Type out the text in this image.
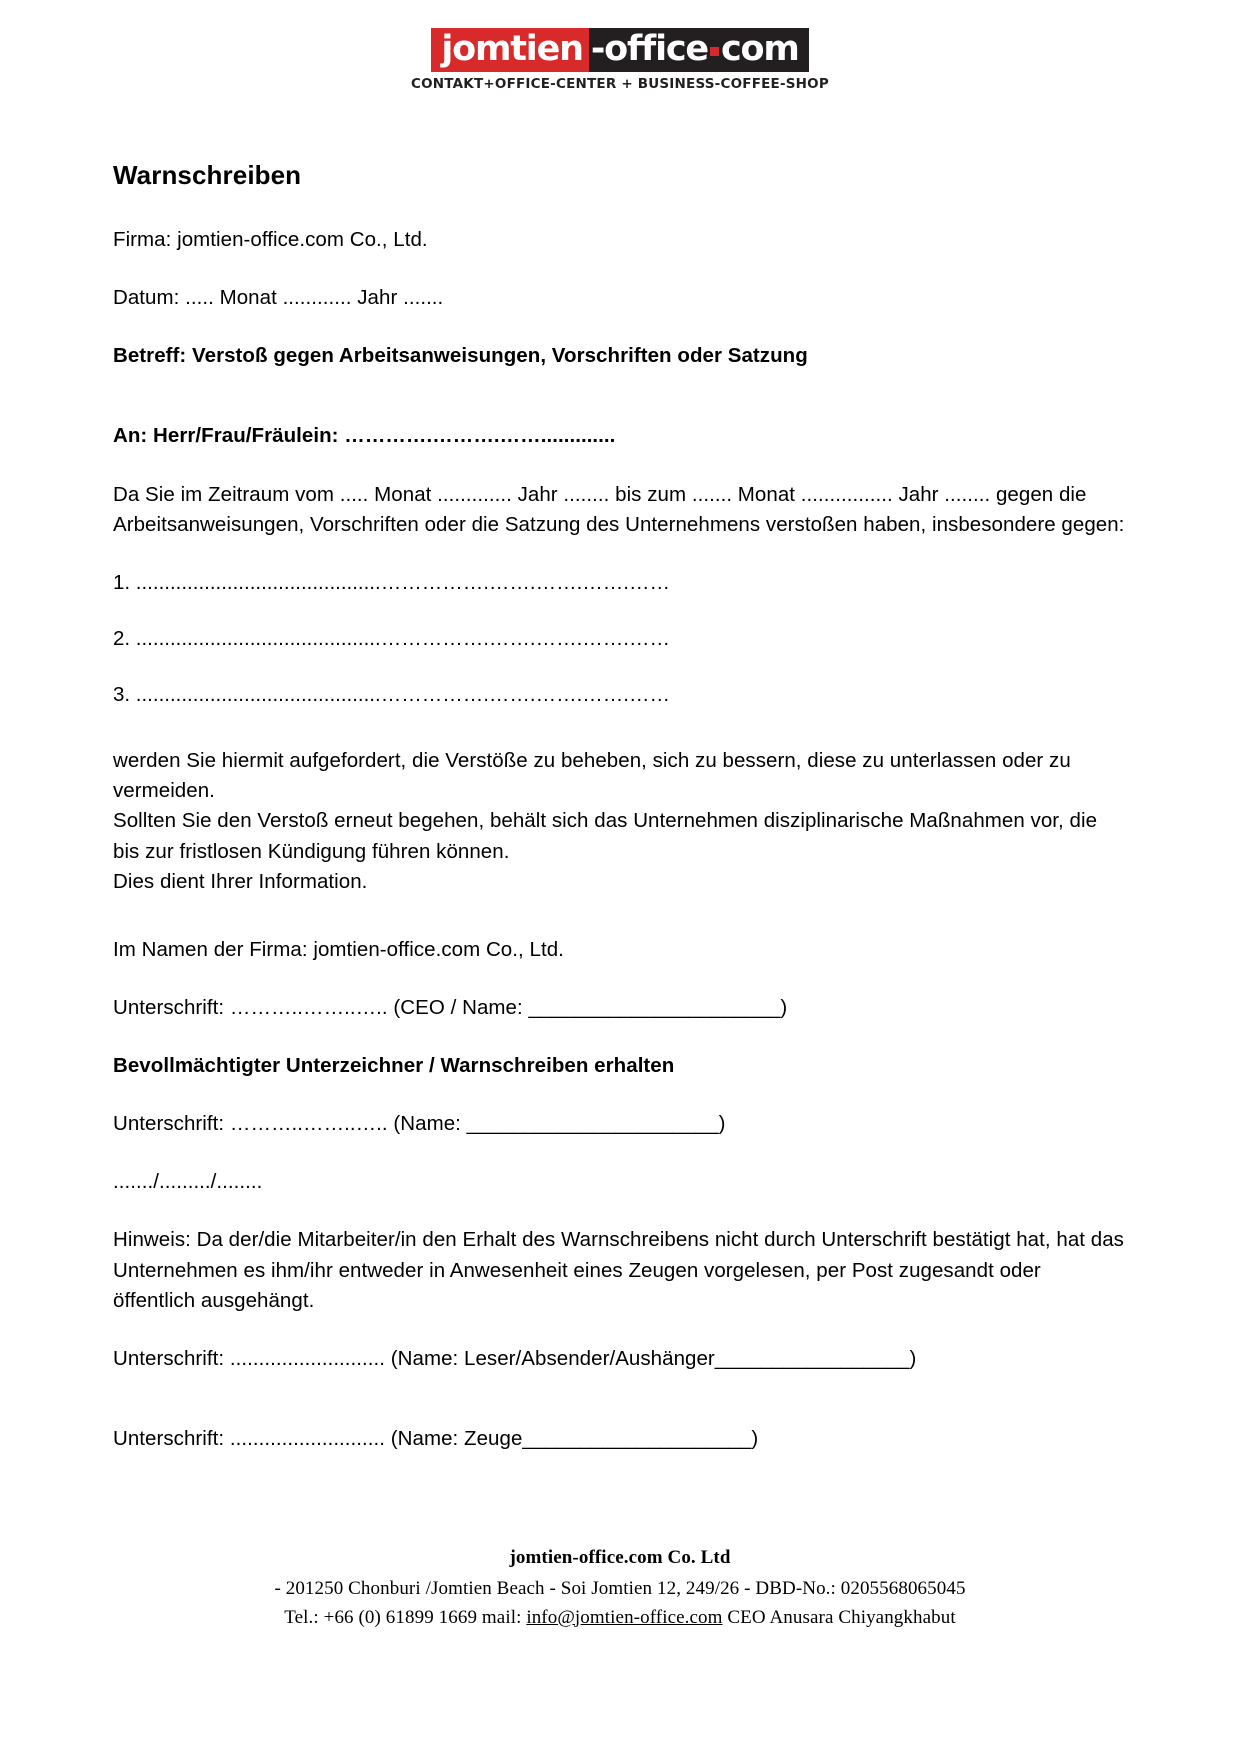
jomtien -office com
CONTAKT+OFFICE-CENTER + BUSINESS-COFFEE-SHOP
Warnschreiben

Firma: jomtien-office.com Co., Ltd.

Datum: ..... Monat ............ Jahr .......

Betreff: Verstoß gegen Arbeitsanweisungen, Vorschriften oder Satzung

An: Herr/Frau/Fräulein: ………….……….…….............

Da Sie im Zeitraum vom ..... Monat ............. Jahr ........ bis zum ....... Monat ................ Jahr ........ gegen die Arbeitsanweisungen, Vorschriften oder die Satzung des Unternehmens verstoßen haben, insbesondere gegen:

1. ...........................................…………….…….…….…….……

2. ...........................................…………….…….…….…….……

3. ...........................................…………….…….…….…….……

werden Sie hiermit aufgefordert, die Verstöße zu beheben, sich zu bessern, diese zu unterlassen oder zu vermeiden.

Sollten Sie den Verstoß erneut begehen, behält sich das Unternehmen disziplinarische Maßnahmen vor, die bis zur fristlosen Kündigung führen können.

Dies dient Ihrer Information.

Im Namen der Firma: jomtien-office.com Co., Ltd.

Unterschrift: ………..……..….. (CEO / Name: ______________________)

Bevollmächtigter Unterzeichner / Warnschreiben erhalten

Unterschrift: ………..……..….. (Name: ______________________)

......./........./........

Hinweis: Da der/die Mitarbeiter/in den Erhalt des Warnschreibens nicht durch Unterschrift bestätigt hat, hat das Unternehmen es ihm/ihr entweder in Anwesenheit eines Zeugen vorgelesen, per Post zugesandt oder öffentlich ausgehängt.

Unterschrift: ........................... (Name: Leser/Absender/Aushänger_________________)

Unterschrift: ........................... (Name: Zeuge____________________)

jomtien-office.com Co. Ltd
- 201250 Chonburi /Jomtien Beach - Soi Jomtien 12, 249/26 - DBD-No.: 0205568065045
Tel.: +66 (0) 61899 1669 mail: info@jomtien-office.com CEO Anusara Chiyangkhabut
